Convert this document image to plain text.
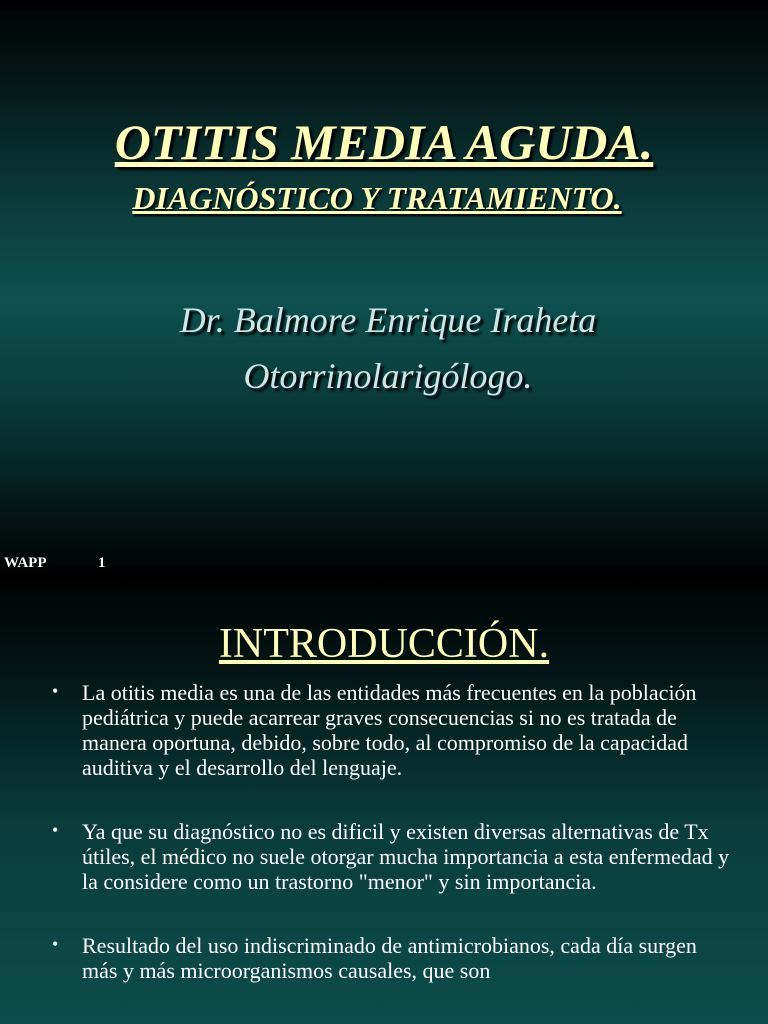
OTITIS MEDIA AGUDA.
DIAGNÓSTICO Y TRATAMIENTO.
Dr. Balmore Enrique Iraheta
Otorrinolarigólogo.
WAPP	1
INTRODUCCIÓN.
• La otitis media es una de las entidades más frecuentes en la población pediátrica y puede acarrear graves consecuencias si no es tratada de manera oportuna, debido, sobre todo, al compromiso de la capacidad auditiva y el desarrollo del lenguaje.
• Ya que su diagnóstico no es dificil y existen diversas alternativas de Tx útiles, el médico no suele otorgar mucha importancia a esta enfermedad y la considere como un trastorno "menor" y sin importancia.
• Resultado del uso indiscriminado de antimicrobianos, cada día surgen más y más microorganismos causales, que son
